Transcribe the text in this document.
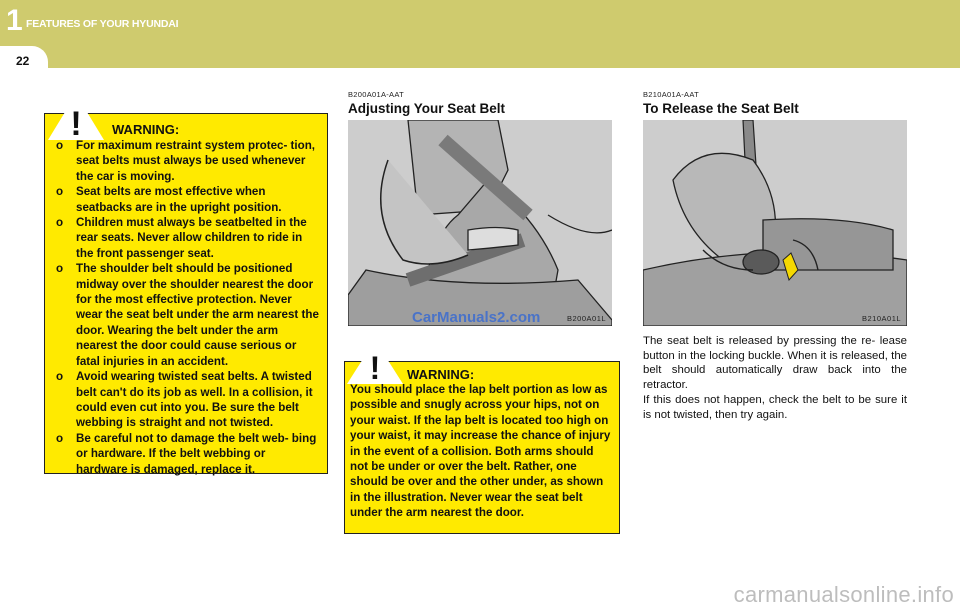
1 FEATURES OF YOUR HYUNDAI
22
! WARNING:
o For maximum restraint system protec- tion, seat belts must always be used whenever the car is moving.
o Seat belts are most effective when seatbacks are in the upright position.
o Children must always be seatbelted in the rear seats. Never allow children to ride in the front passenger seat.
o The shoulder belt should be positioned midway over the shoulder nearest the door for the most effective protection. Never wear the seat belt under the arm nearest the door. Wearing the belt under the arm nearest the door could cause serious or fatal injuries in an accident.
o Avoid wearing twisted seat belts. A twisted belt can't do its job as well. In a collision, it could even cut into you. Be sure the belt webbing is straight and not twisted.
o Be careful not to damage the belt web- bing or hardware. If the belt webbing or hardware is damaged, replace it.
B200A01A-AAT
Adjusting Your Seat Belt
CarManuals2.com	B200A01L
! WARNING:
You should place the lap belt portion as low as possible and snugly across your hips, not on your waist. If the lap belt is located too high on your waist, it may increase the chance of injury in the event of a collision. Both arms should not be under or over the belt. Rather, one should be over and the other under, as shown in the illustration. Never wear the seat belt under the arm nearest the door.
B210A01A-AAT
To Release the Seat Belt
B210A01L
The seat belt is released by pressing the re- lease button in the locking buckle. When it is released, the belt should automatically draw back into the retractor.
If this does not happen, check the belt to be sure it is not twisted, then try again.
carmanualsonline.info
